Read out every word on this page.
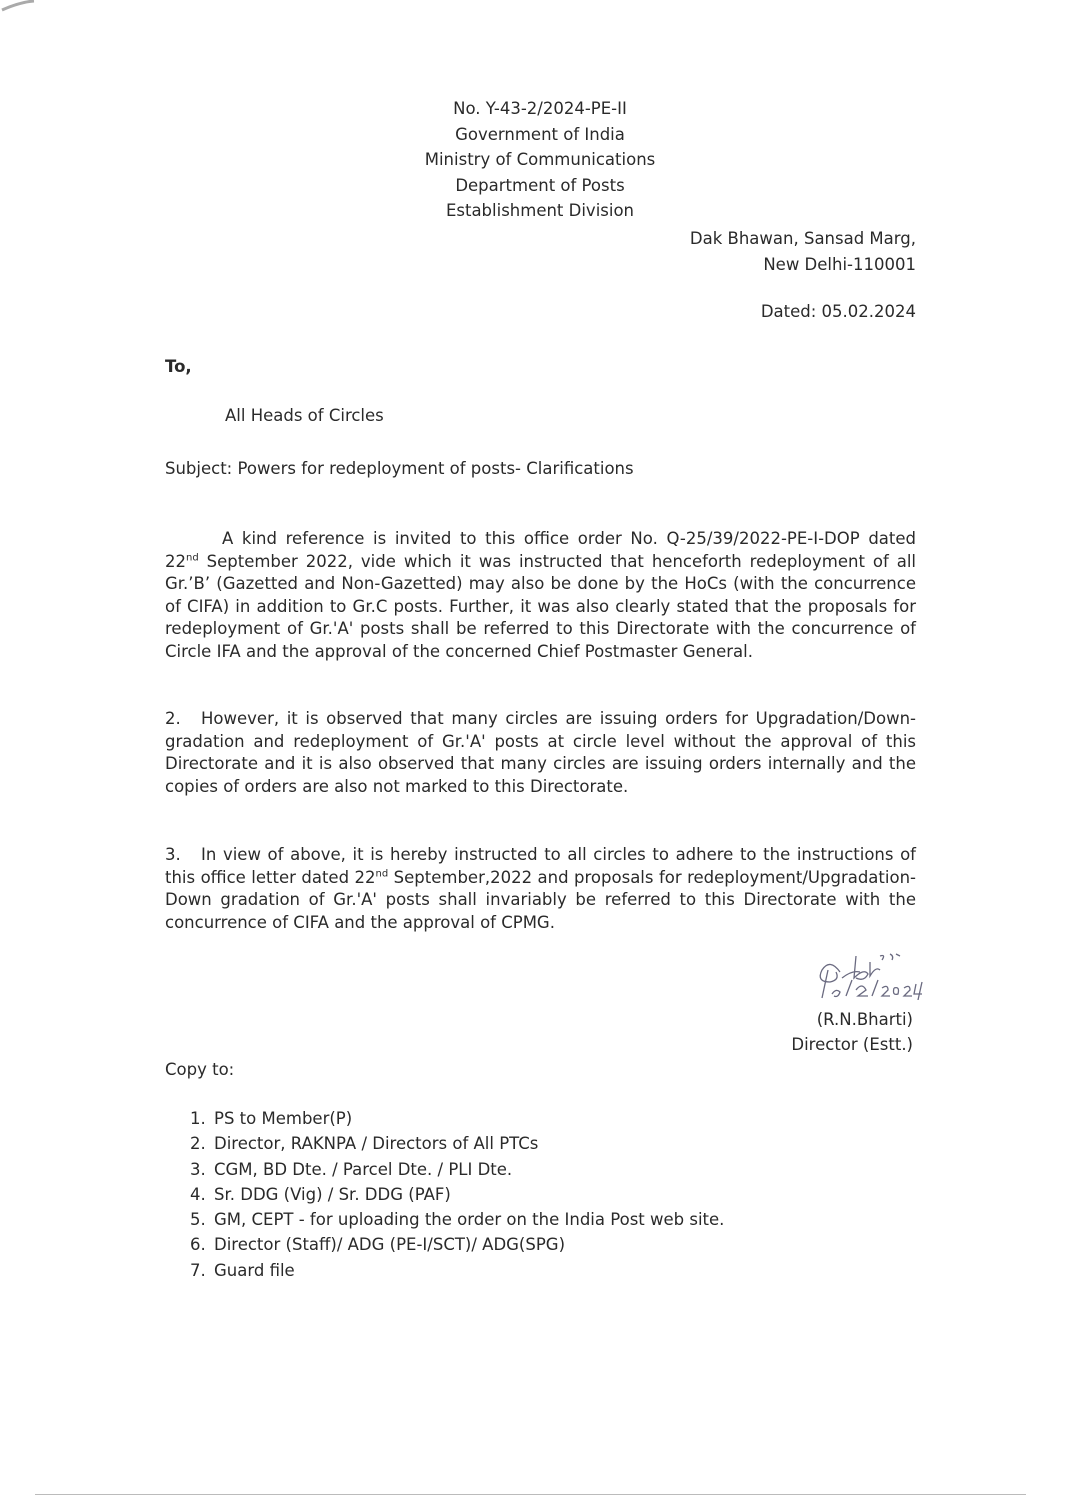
No. Y-43-2/2024-PE-II
Government of India
Ministry of Communications
Department of Posts
Establishment Division
Dak Bhawan, Sansad Marg,
New Delhi-110001
Dated: 05.02.2024
To,
All Heads of Circles
Subject: Powers for redeployment of posts- Clarifications
A kind reference is invited to this office order No. Q-25/39/2022-PE-I-DOP dated 22nd September 2022, vide which it was instructed that henceforth redeployment of all Gr.’B’ (Gazetted and Non-Gazetted) may also be done by the HoCs (with the concurrence of CIFA) in addition to Gr.C posts. Further, it was also clearly stated that the proposals for redeployment of Gr.'A' posts shall be referred to this Directorate with the concurrence of Circle IFA and the approval of the concerned Chief Postmaster General.
2. However, it is observed that many circles are issuing orders for Upgradation/Down-gradation and redeployment of Gr.'A' posts at circle level without the approval of this Directorate and it is also observed that many circles are issuing orders internally and the copies of orders are also not marked to this Directorate.
3. In view of above, it is hereby instructed to all circles to adhere to the instructions of this office letter dated 22nd September,2022 and proposals for redeployment/Upgradation-Down gradation of Gr.'A' posts shall invariably be referred to this Directorate with the concurrence of CIFA and the approval of CPMG.
(R.N.Bharti)
Director (Estt.)
Copy to:
1. PS to Member(P)
2. Director, RAKNPA / Directors of All PTCs
3. CGM, BD Dte. / Parcel Dte. / PLI Dte.
4. Sr. DDG (Vig) / Sr. DDG (PAF)
5. GM, CEPT - for uploading the order on the India Post web site.
6. Director (Staff)/ ADG (PE-I/SCT)/ ADG(SPG)
7. Guard file
